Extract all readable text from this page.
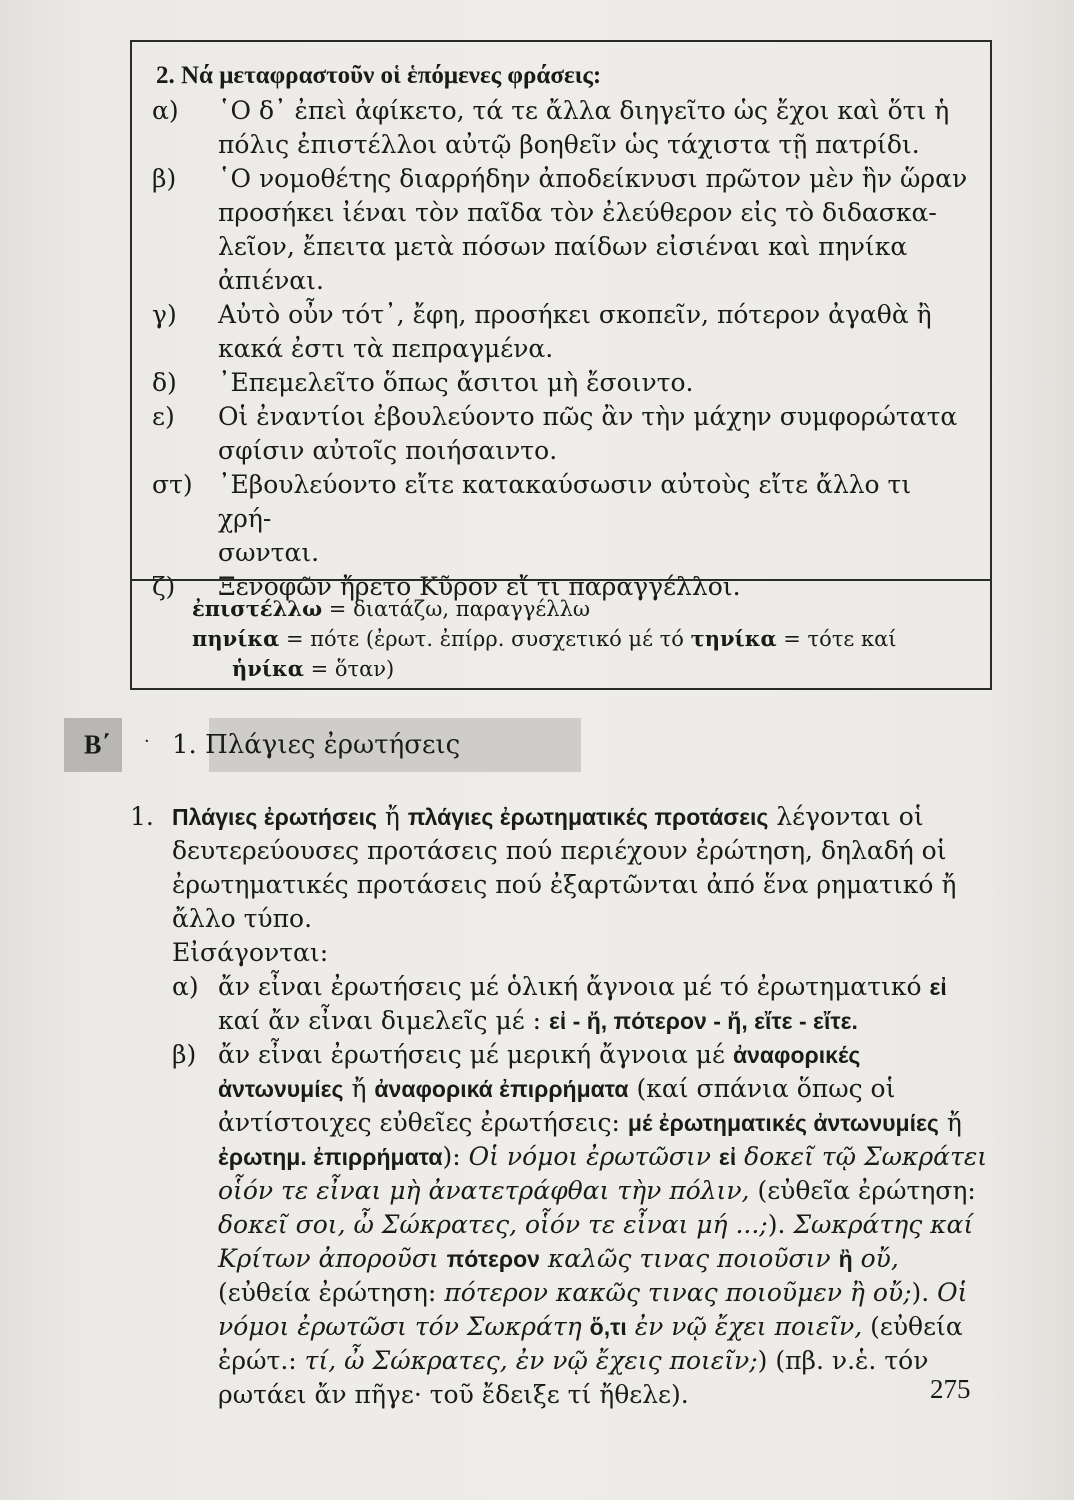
2. Νά μεταφραστοῦν οἱ ἑπόμενες φράσεις:
α)	῾Ο δ᾽ ἐπεὶ ἀφίκετο, τά τε ἄλλα διηγεῖτο ὡς ἔχοι καὶ ὅτι ἡ
πόλις ἐπιστέλλοι αὐτῷ βοηθεῖν ὡς τάχιστα τῇ πατρίδι.
β)	῾Ο νομοθέτης διαρρήδην ἀποδείκνυσι πρῶτον μὲν ἣν ὥραν
προσήκει ἰέναι τὸν παῖδα τὸν ἐλεύθερον εἰς τὸ διδασκα-
λεῖον, ἔπειτα μετὰ πόσων παίδων εἰσιέναι καὶ πηνίκα
ἀπιέναι.
γ)	Αὐτὸ οὖν τότ᾽, ἔφη, προσήκει σκοπεῖν, πότερον ἀγαθὰ ἢ
κακά ἐστι τὰ πεπραγμένα.
δ)	᾽Επεμελεῖτο ὅπως ἄσιτοι μὴ ἔσοιντο.
ε)	Οἱ ἐναντίοι ἐβουλεύοντο πῶς ἂν τὴν μάχην συμφορώτατα
σφίσιν αὐτοῖς ποιήσαιντο.
στ)	᾽Εβουλεύοντο εἴτε κατακαύσωσιν αὐτοὺς εἴτε ἄλλο τι χρή-
σωνται.
ζ)	Ξενοφῶν ἤρετο Κῦρον εἴ τι παραγγέλλοι.
ἐπιστέλλω = διατάζω, παραγγέλλω
πηνίκα = πότε (ἐρωτ. ἐπίρρ. συσχετικό μέ τό τηνίκα = τότε καί
ἡνίκα = ὅταν)
Β΄	· 1. Πλάγιες ἐρωτήσεις
1. Πλάγιες ἐρωτήσεις ἤ πλάγιες ἐρωτηματικές προτάσεις λέγονται οἱ δευτερεύουσες προτάσεις πού περιέχουν ἐρώτηση, δηλαδή οἱ ἐρωτηματικές προτάσεις πού ἐξαρτῶνται ἀπό ἕνα ρηματικό ἤ ἄλλο τύπο.
Εἰσάγονται:
α) ἄν εἶναι ἐρωτήσεις μέ ὁλική ἄγνοια μέ τό ἐρωτηματικό εἰ καί ἄν εἶναι διμελεῖς μέ : εἰ - ἤ, πότερον - ἤ, εἴτε - εἴτε.
β) ἄν εἶναι ἐρωτήσεις μέ μερική ἄγνοια μέ ἀναφορικές ἀντωνυμίες ἤ ἀναφορικά ἐπιρρήματα (καί σπάνια ὅπως οἱ ἀντίστοιχες εὐθεῖες ἐρωτήσεις: μέ ἐρωτηματικές ἀντωνυμίες ἤ ἐρωτημ. ἐπιρρήματα): Οἱ νόμοι ἐρωτῶσιν εἰ δοκεῖ τῷ Σωκράτει οἷόν τε εἶναι μὴ ἀνατετράφθαι τὴν πόλιν, (εὐθεῖα ἐρώτηση: δοκεῖ σοι, ὦ Σώκρατες, οἷόν τε εἶναι μή ...;). Σωκράτης καί Κρίτων ἀποροῦσι πότερον καλῶς τινας ποιοῦσιν ἢ οὔ, (εὐθεία ἐρώτηση: πότερον κακῶς τινας ποιοῦμεν ἢ οὔ;). Οἱ νόμοι ἐρωτῶσι τόν Σωκράτη ὅ,τι ἐν νῷ ἔχει ποιεῖν, (εὐθεία ἐρώτ.: τί, ὦ Σώκρατες, ἐν νῷ ἔχεις ποιεῖν;) (πβ. ν.ἑ. τόν ρωτάει ἄν πῆγε· τοῦ ἔδειξε τί ἤθελε).	275
